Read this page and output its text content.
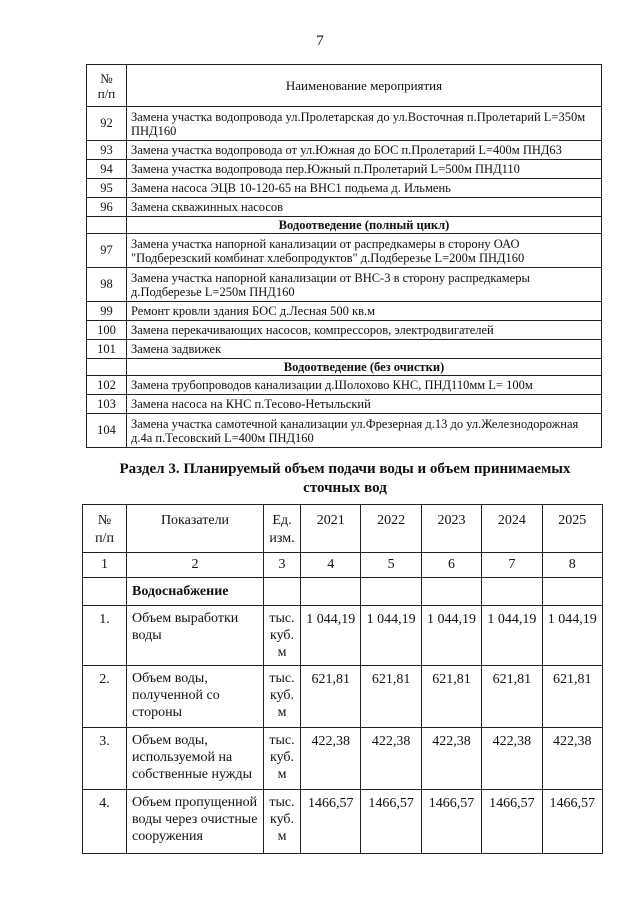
7
№ п/п	Наименование мероприятия
92	Замена участка водопровода ул.Пролетарская до ул.Восточная п.Пролетарий L=350м ПНД160
93	Замена участка водопровода от ул.Южная до БОС п.Пролетарий L=400м ПНД63
94	Замена участка водопровода пер.Южный п.Пролетарий L=500м ПНД110
95	Замена насоса ЭЦВ 10-120-65 на ВНС1 подьема д. Ильмень
96	Замена скважинных насосов
	Водоотведение (полный цикл)
97	Замена участка напорной канализации от распредкамеры в сторону ОАО "Подберезский комбинат хлебопродуктов" д.Подберезье L=200м ПНД160
98	Замена участка напорной канализации от ВНС-3 в сторону распредкамеры д.Подберезье L=250м ПНД160
99	Ремонт кровли здания БОС д.Лесная 500 кв.м
100	Замена перекачивающих насосов, компрессоров, электродвигателей
101	Замена задвижек
	Водоотведение (без очистки)
102	Замена трубопроводов канализации д.Шолохово КНС, ПНД110мм L= 100м
103	Замена насоса на КНС п.Тесово-Нетыльский
104	Замена участка самотечной канализации ул.Фрезерная д.13 до ул.Железнодорожная д.4а п.Тесовский L=400м ПНД160
Раздел 3. Планируемый объем подачи воды и объем принимаемых сточных вод
№ п/п	Показатели	Ед. изм.	2021	2022	2023	2024	2025
1	2	3	4	5	6	7	8
	Водоснабжение						
1.	Объем выработки воды	тыс. куб. м	1 044,19	1 044,19	1 044,19	1 044,19	1 044,19
2.	Объем воды, полученной со стороны	тыс. куб. м	621,81	621,81	621,81	621,81	621,81
3.	Объем воды, используемой на собственные нужды	тыс. куб. м	422,38	422,38	422,38	422,38	422,38
4.	Объем пропущенной воды через очистные сооружения	тыс. куб. м	1466,57	1466,57	1466,57	1466,57	1466,57
